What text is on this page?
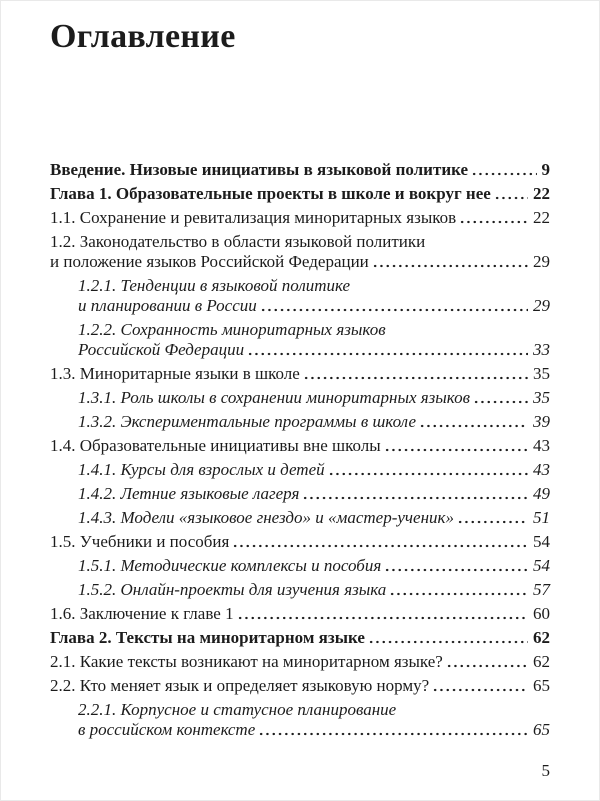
Оглавление
Введение. Низовые инициативы в языковой политике	9
Глава 1. Образовательные проекты в школе и вокруг нее 22
1.1. Сохранение и ревитализация миноритарных языков	22
1.2. Законодательство в области языковой политики
и положение языков Российской Федерации	29
1.2.1. Тенденции в языковой политике
и планировании в России	29
1.2.2. Сохранность миноритарных языков
Российской Федерации	33
1.3. Миноритарные языки в школе	35
1.3.1. Роль школы в сохранении миноритарных языков	35
1.3.2. Экспериментальные программы в школе	39
1.4. Образовательные инициативы вне школы	43
1.4.1. Курсы для взрослых и детей	43
1.4.2. Летние языковые лагеря	49
1.4.3. Модели «языковое гнездо» и «мастер-ученик»	51
1.5. Учебники и пособия	54
1.5.1. Методические комплексы и пособия	54
1.5.2. Онлайн-проекты для изучения языка	57
1.6. Заключение к главе 1	60
Глава 2. Тексты на миноритарном языке	62
2.1. Какие тексты возникают на миноритарном языке?	62
2.2. Кто меняет язык и определяет языковую норму?	65
2.2.1. Корпусное и статусное планирование
в российском контексте	65
5
